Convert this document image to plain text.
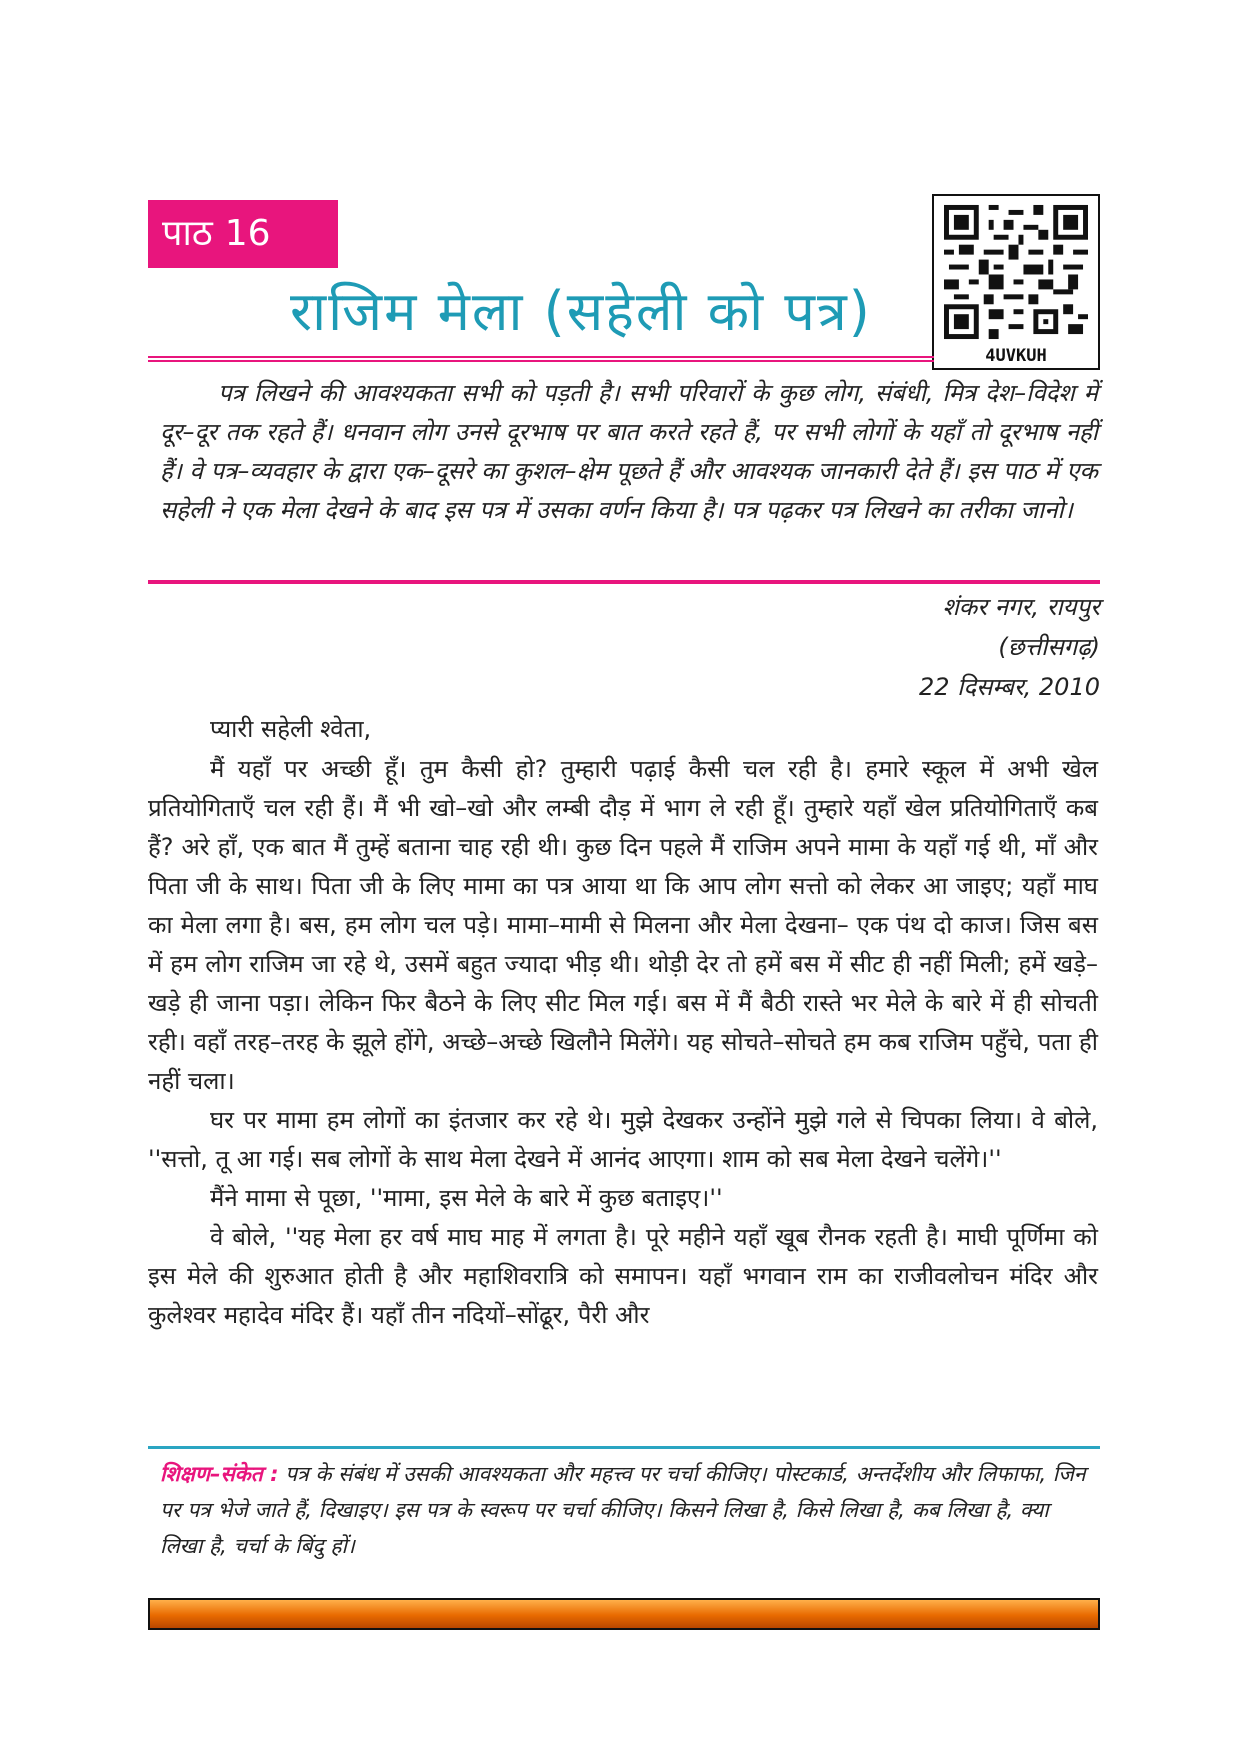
पाठ 16
राजिम मेला (सहेली को पत्र)
4UVKUH
पत्र लिखने की आवश्यकता सभी को पड़ती है। सभी परिवारों के कुछ लोग, संबंधी, मित्र देश–विदेश में दूर–दूर तक रहते हैं। धनवान लोग उनसे दूरभाष पर बात करते रहते हैं, पर सभी लोगों के यहाँ तो दूरभाष नहीं हैं। वे पत्र–व्यवहार के द्वारा एक–दूसरे का कुशल–क्षेम पूछते हैं और आवश्यक जानकारी देते हैं। इस पाठ में एक सहेली ने एक मेला देखने के बाद इस पत्र में उसका वर्णन किया है। पत्र पढ़कर पत्र लिखने का तरीका जानो।
शंकर नगर, रायपुर
(छत्तीसगढ़)
22 दिसम्बर, 2010
प्यारी सहेली श्वेता,

मैं यहाँ पर अच्छी हूँ। तुम कैसी हो? तुम्हारी पढ़ाई कैसी चल रही है। हमारे स्कूल में अभी खेल प्रतियोगिताएँ चल रही हैं। मैं भी खो–खो और लम्बी दौड़ में भाग ले रही हूँ। तुम्हारे यहाँ खेल प्रतियोगिताएँ कब हैं? अरे हाँ, एक बात मैं तुम्हें बताना चाह रही थी। कुछ दिन पहले मैं राजिम अपने मामा के यहाँ गई थी, माँ और पिता जी के साथ। पिता जी के लिए मामा का पत्र आया था कि आप लोग सत्तो को लेकर आ जाइए; यहाँ माघ का मेला लगा है। बस, हम लोग चल पड़े। मामा–मामी से मिलना और मेला देखना– एक पंथ दो काज। जिस बस में हम लोग राजिम जा रहे थे, उसमें बहुत ज्यादा भीड़ थी। थोड़ी देर तो हमें बस में सीट ही नहीं मिली; हमें खड़े–खड़े ही जाना पड़ा। लेकिन फिर बैठने के लिए सीट मिल गई। बस में मैं बैठी रास्ते भर मेले के बारे में ही सोचती रही। वहाँ तरह–तरह के झूले होंगे, अच्छे–अच्छे खिलौने मिलेंगे। यह सोचते–सोचते हम कब राजिम पहुँचे, पता ही नहीं चला।

घर पर मामा हम लोगों का इंतजार कर रहे थे। मुझे देखकर उन्होंने मुझे गले से चिपका लिया। वे बोले, ''सत्तो, तू आ गई। सब लोगों के साथ मेला देखने में आनंद आएगा। शाम को सब मेला देखने चलेंगे।''

मैंने मामा से पूछा, ''मामा, इस मेले के बारे में कुछ बताइए।''

वे बोले, ''यह मेला हर वर्ष माघ माह में लगता है। पूरे महीने यहाँ खूब रौनक रहती है। माघी पूर्णिमा को इस मेले की शुरुआत होती है और महाशिवरात्रि को समापन। यहाँ भगवान राम का राजीवलोचन मंदिर और कुलेश्वर महादेव मंदिर हैं। यहाँ तीन नदियों–सोंढूर, पैरी और

शिक्षण–संकेत : पत्र के संबंध में उसकी आवश्यकता और महत्त्व पर चर्चा कीजिए। पोस्टकार्ड, अन्तर्देशीय और लिफाफा, जिन पर पत्र भेजे जाते हैं, दिखाइए। इस पत्र के स्वरूप पर चर्चा कीजिए। किसने लिखा है, किसे लिखा है, कब लिखा है, क्या लिखा है, चर्चा के बिंदु हों।
